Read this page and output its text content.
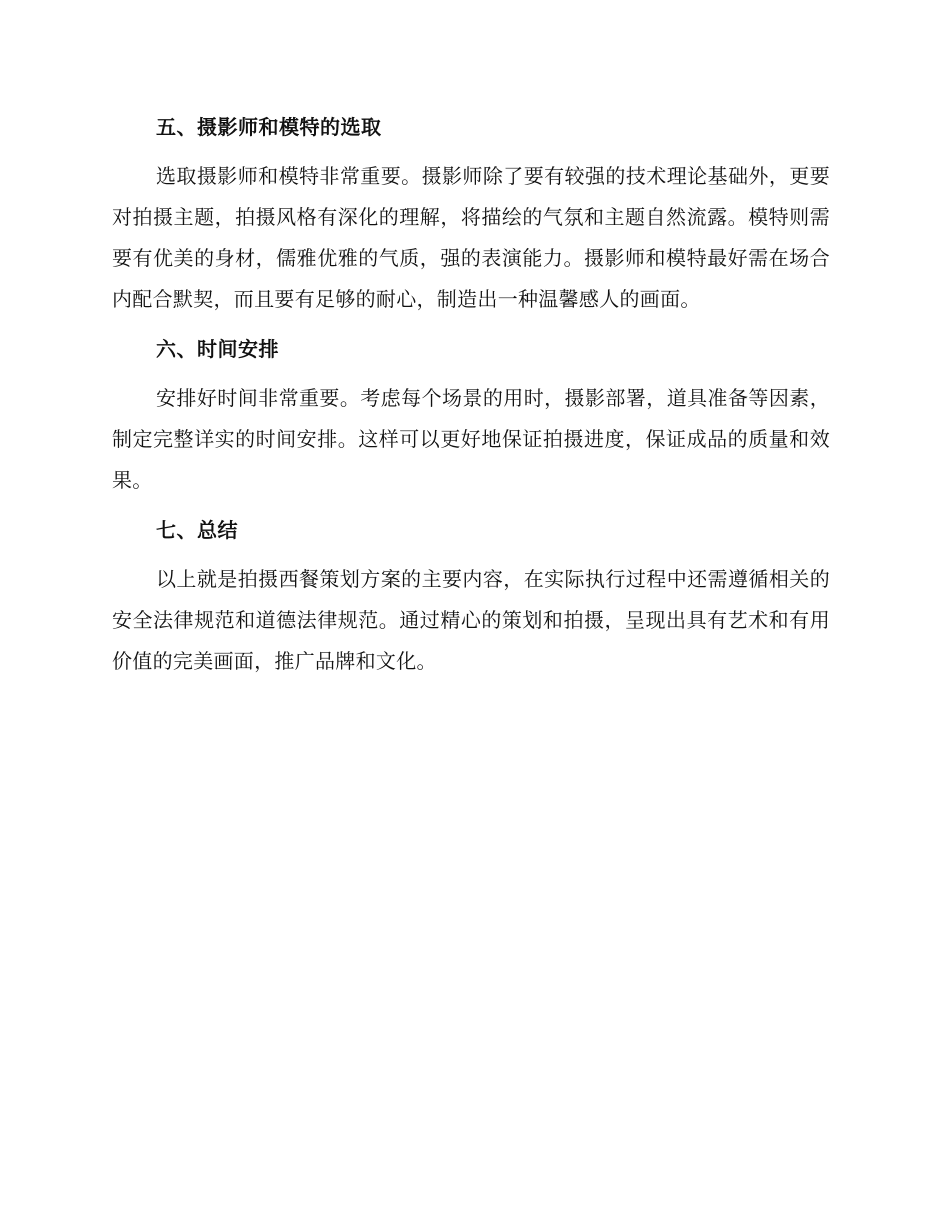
五、摄影师和模特的选取

选取摄影师和模特非常重要。摄影师除了要有较强的技术理论基础外，更要对拍摄主题，拍摄风格有深化的理解，将描绘的气氛和主题自然流露。模特则需要有优美的身材，儒雅优雅的气质，强的表演能力。摄影师和模特最好需在场合内配合默契，而且要有足够的耐心，制造出一种温馨感人的画面。

六、时间安排

安排好时间非常重要。考虑每个场景的用时，摄影部署，道具准备等因素，制定完整详实的时间安排。这样可以更好地保证拍摄进度，保证成品的质量和效果。

七、总结

以上就是拍摄西餐策划方案的主要内容，在实际执行过程中还需遵循相关的安全法律规范和道德法律规范。通过精心的策划和拍摄，呈现出具有艺术和有用价值的完美画面，推广品牌和文化。
